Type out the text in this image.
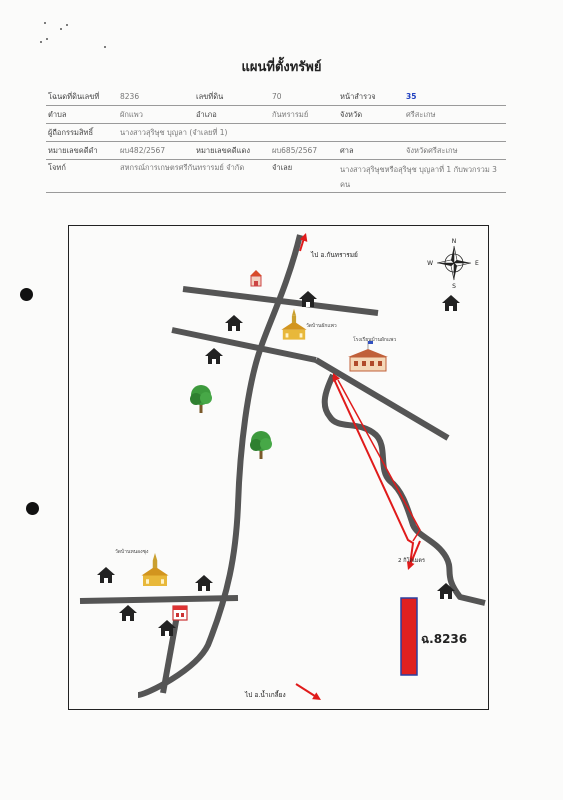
แผนที่ตั้งทรัพย์
โฉนดที่ดินเลขที่	8236	เลขที่ดิน	70	หน้าสำรวจ	35
ตำบล	ผักแพว	อำเภอ	กันทรารมย์	จังหวัด	ศรีสะเกษ
ผู้ถือกรรมสิทธิ์	นางสาวสุริษุช บุญลา (จำเลยที่ 1)				
หมายเลขคดีดำ	ผบ482/2567	หมายเลขคดีแดง	ผบ685/2567	ศาล	จังหวัดศรีสะเกษ
โจทก์	สหกรณ์การเกษตรศรีกันทรารมย์ จำกัด		จำเลย	นางสาวสุริษุชหรือสุริษุช บุญลาที่ 1 กับพวกรวม 3 คน	
N
S
E
W
วัดบ้านผักแพว
โรงเรียนบ้านผักแพว
วัดบ้านหนองซุง
ไป อ.กันทรารมย์
ไป อ.น้ำเกลี้ยง
2 กิโลเมตร
ฉ.8236
